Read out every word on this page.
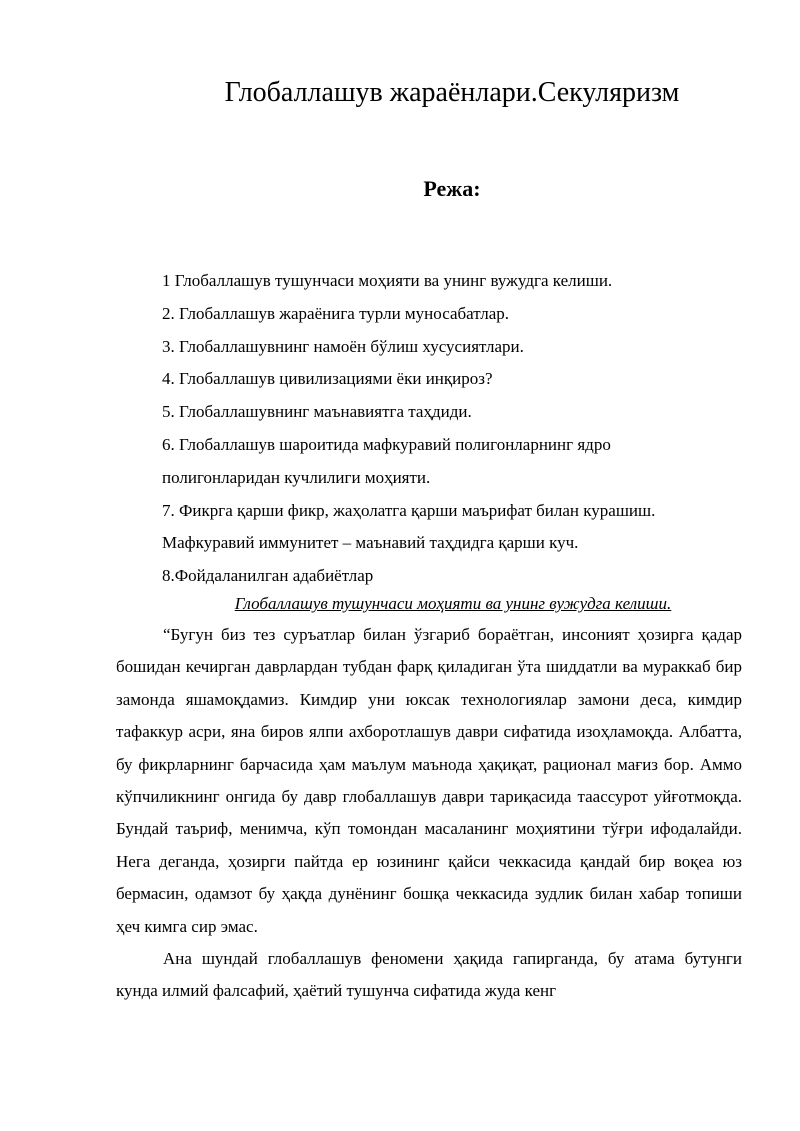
Глобаллашув жараёнлари.Секуляризм
Режа:
1 Глобаллашув тушунчаси моҳияти ва унинг вужудга келиши.
2. Глобаллашув жараёнига турли муносабатлар.
3. Глобаллашувнинг намоён бўлиш хусусиятлари.
4. Глобаллашув цивилизациями ёки инқироз?
5. Глобаллашувнинг маънавиятга таҳдиди.
6. Глобаллашув шароитида мафкуравий полигонларнинг ядро
полигонларидан кучлилиги моҳияти.
7. Фикрга қарши фикр, жаҳолатга қарши маърифат билан курашиш.
Мафкуравий иммунитет – маънавий таҳдидга қарши куч.
8.Фойдаланилган адабиётлар
Глобаллашув тушунчаси моҳияти ва унинг вужудга келиши.

“Бугун биз тез суръатлар билан ўзгариб бораётган, инсоният ҳозирга қадар бошидан кечирган даврлардан тубдан фарқ қиладиган ўта шиддатли ва мураккаб бир замонда яшамоқдамиз. Кимдир уни юксак технологиялар замони деса, кимдир тафаккур асри, яна биров ялпи ахборотлашув даври сифатида изоҳламоқда. Албатта, бу фикрларнинг барчасида ҳам маълум маънода ҳақиқат, рационал мағиз бор. Аммо кўпчиликнинг онгида бу давр глобаллашув даври тариқасида таассурот уйғотмоқда. Бундай таъриф, менимча, кўп томондан масаланинг моҳиятини тўғри ифодалайди. Нега деганда, ҳозирги пайтда ер юзининг қайси чеккасида қандай бир воқеа юз бермасин, одамзот бу ҳақда дунёнинг бошқа чеккасида зудлик билан хабар топиши ҳеч кимга сир эмас.

Ана шундай глобаллашув феномени ҳақида гапирганда, бу атама бутунги кунда илмий фалсафий, ҳаётий тушунча сифатида жуда кенг
